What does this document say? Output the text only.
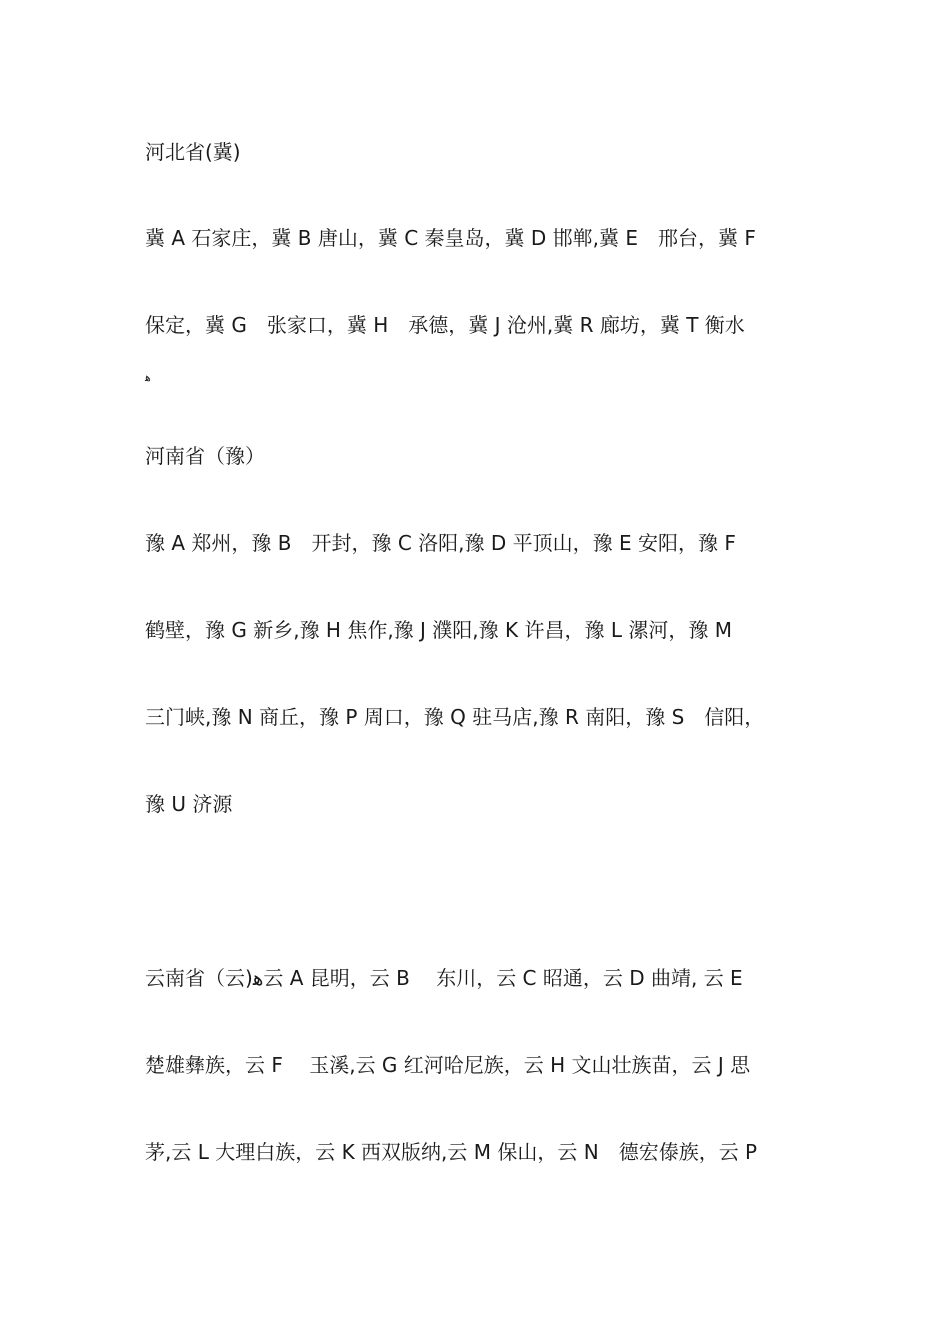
河北省(冀)
冀 A 石家庄，冀 B 唐山，冀 C 秦皇岛，冀 D 邯郸,冀 E　邢台，冀 F
保定，冀 G　张家口，冀 H　承德，冀 J 沧州,冀 R 廊坊，冀 T 衡水
ﻫ
河南省（豫）
豫 A 郑州，豫 B　开封，豫 C 洛阳,豫 D 平顶山，豫 E 安阳，豫 F
鹤壁，豫 G 新乡,豫 H 焦作,豫 J 濮阳,豫 K 许昌，豫 L 漯河，豫 M
三门峡,豫 N 商丘，豫 P 周口，豫 Q 驻马店,豫 R 南阳，豫 S　信阳，
豫 U 济源
云南省（云)ﻫ云 A 昆明，云 B　 东川，云 C 昭通，云 D 曲靖, 云 E
楚雄彝族，云 F　 玉溪,云 G 红河哈尼族，云 H 文山壮族苗，云 J 思
茅,云 L 大理白族，云 K 西双版纳,云 M 保山，云 N　德宏傣族，云 P
